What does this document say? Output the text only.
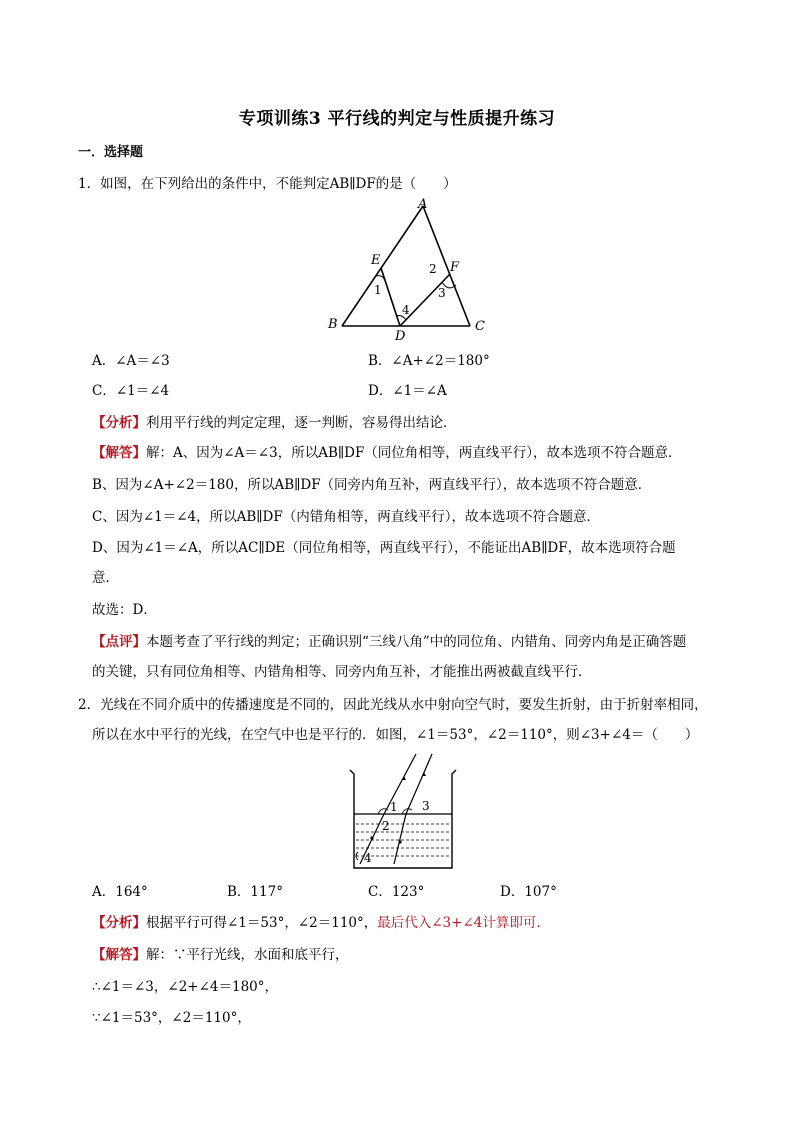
专项训练3 平行线的判定与性质提升练习
一．选择题
1．如图，在下列给出的条件中，不能判定AB∥DF的是（　　）
A
B	C
D
E	F
1
2
3
4
A．∠A＝∠3	B．∠A+∠2＝180°
C．∠1＝∠4	D．∠1＝∠A
【分析】利用平行线的判定定理，逐一判断，容易得出结论．
【解答】解：A、因为∠A＝∠3，所以AB∥DF（同位角相等，两直线平行），故本选项不符合题意．
B、因为∠A+∠2＝180，所以AB∥DF（同旁内角互补，两直线平行），故本选项不符合题意．
C、因为∠1＝∠4，所以AB∥DF（内错角相等，两直线平行），故本选项不符合题意．
D、因为∠1＝∠A，所以AC∥DE（同位角相等，两直线平行），不能证出AB∥DF，故本选项符合题
意．
故选：D．
【点评】本题考查了平行线的判定；正确识别“三线八角”中的同位角、内错角、同旁内角是正确答题
的关键，只有同位角相等、内错角相等、同旁内角互补，才能推出两被截直线平行．
2．光线在不同介质中的传播速度是不同的，因此光线从水中射向空气时，要发生折射，由于折射率相同，
所以在水中平行的光线，在空气中也是平行的．如图，∠1＝53°，∠2＝110°，则∠3+∠4＝（　　）
1
2
3
4
A．164°	B．117°	C．123°	D．107°
【分析】根据平行可得∠1＝53°，∠2＝110°，最后代入∠3+∠4计算即可．
【解答】解：∵平行光线，水面和底平行，
∴∠1＝∠3，∠2+∠4＝180°，
∵∠1＝53°，∠2＝110°，
